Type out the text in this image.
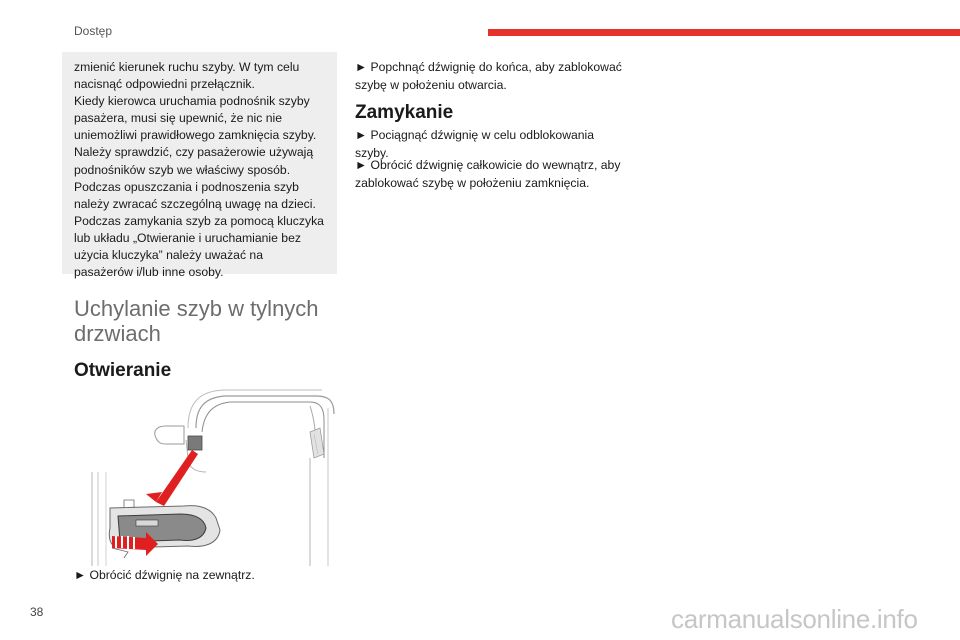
Dostęp

zmienić kierunek ruchu szyby. W tym celu nacisnąć odpowiedni przełącznik.

Kiedy kierowca uruchamia podnośnik szyby pasażera, musi się upewnić, że nic nie uniemożliwi prawidłowego zamknięcia szyby.

Należy sprawdzić, czy pasażerowie używają podnośników szyb we właściwy sposób.

Podczas opuszczania i podnoszenia szyb należy zwracać szczególną uwagę na dzieci.

Podczas zamykania szyb za pomocą kluczyka lub układu „Otwieranie i uruchamianie bez użycia kluczyka” należy uważać na pasażerów i/lub inne osoby.

Uchylanie szyb w tylnych drzwiach
Otwieranie

► Obrócić dźwignię na zewnątrz.

► Popchnąć dźwignię do końca, aby zablokować szybę w położeniu otwarcia.

Zamykanie

► Pociągnąć dźwignię w celu odblokowania szyby.

► Obrócić dźwignię całkowicie do wewnątrz, aby zablokować szybę w położeniu zamknięcia.

38	carmanualsonline.info
